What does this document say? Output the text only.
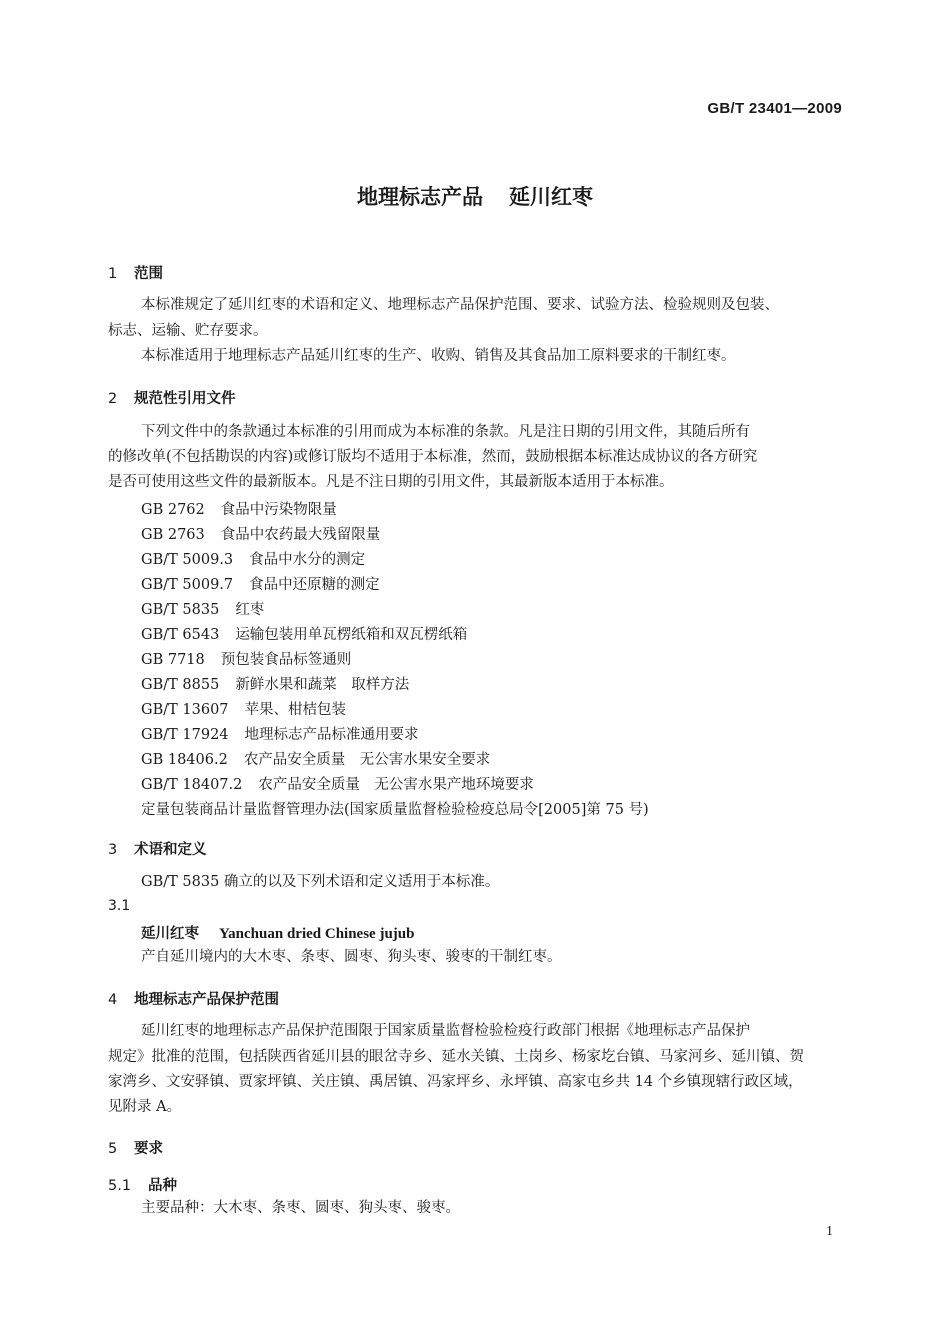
GB/T 23401—2009
地理标志产品 延川红枣
1 范围
本标准规定了延川红枣的术语和定义、地理标志产品保护范围、要求、试验方法、检验规则及包装、
标志、运输、贮存要求。
本标准适用于地理标志产品延川红枣的生产、收购、销售及其食品加工原料要求的干制红枣。
2 规范性引用文件
下列文件中的条款通过本标准的引用而成为本标准的条款。凡是注日期的引用文件，其随后所有
的修改单(不包括勘误的内容)或修订版均不适用于本标准，然而，鼓励根据本标准达成协议的各方研究
是否可使用这些文件的最新版本。凡是不注日期的引用文件，其最新版本适用于本标准。
GB 2762 食品中污染物限量
GB 2763 食品中农药最大残留限量
GB/T 5009.3 食品中水分的测定
GB/T 5009.7 食品中还原糖的测定
GB/T 5835 红枣
GB/T 6543 运输包装用单瓦楞纸箱和双瓦楞纸箱
GB 7718 预包装食品标签通则
GB/T 8855 新鲜水果和蔬菜　取样方法
GB/T 13607 苹果、柑桔包装
GB/T 17924 地理标志产品标准通用要求
GB 18406.2 农产品安全质量　无公害水果安全要求
GB/T 18407.2 农产品安全质量　无公害水果产地环境要求
定量包装商品计量监督管理办法(国家质量监督检验检疫总局令[2005]第 75 号)
3 术语和定义
GB/T 5835 确立的以及下列术语和定义适用于本标准。
3.1
延川红枣 Yanchuan dried Chinese jujub
产自延川境内的大木枣、条枣、圆枣、狗头枣、骏枣的干制红枣。
4 地理标志产品保护范围
延川红枣的地理标志产品保护范围限于国家质量监督检验检疫行政部门根据《地理标志产品保护
规定》批准的范围，包括陕西省延川县的眼岔寺乡、延水关镇、土岗乡、杨家圪台镇、马家河乡、延川镇、贺
家湾乡、文安驿镇、贾家坪镇、关庄镇、禹居镇、冯家坪乡、永坪镇、高家屯乡共 14 个乡镇现辖行政区域，
见附录 A。
5 要求
5.1 品种
主要品种：大木枣、条枣、圆枣、狗头枣、骏枣。
1
